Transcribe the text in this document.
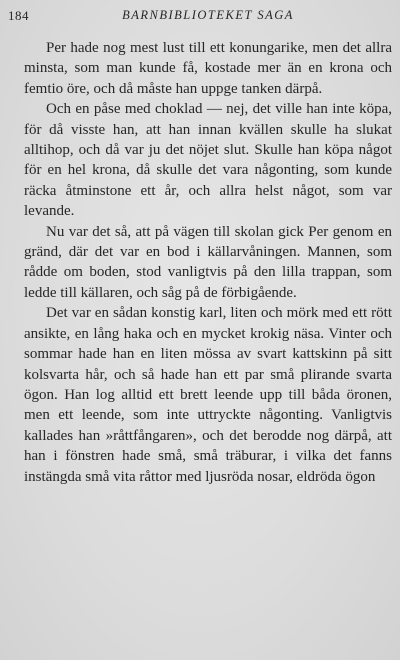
184	BARNBIBLIOTEKET SAGA

Per hade nog mest lust till ett konungarike, men det allra minsta, som man kunde få, kostade mer än en krona och femtio öre, och då måste han uppge tanken därpå.

Och en påse med choklad — nej, det ville han inte köpa, för då visste han, att han innan kvällen skulle ha slukat alltihop, och då var ju det nöjet slut. Skulle han köpa något för en hel krona, då skulle det vara någonting, som kunde räcka åtminstone ett år, och allra helst något, som var levande.

Nu var det så, att på vägen till skolan gick Per genom en gränd, där det var en bod i källarvåningen. Mannen, som rådde om boden, stod vanligtvis på den lilla trappan, som ledde till källaren, och såg på de förbigående.

Det var en sådan konstig karl, liten och mörk med ett rött ansikte, en lång haka och en mycket krokig näsa. Vinter och sommar hade han en liten mössa av svart kattskinn på sitt kolsvarta hår, och så hade han ett par små plirande svarta ögon. Han log alltid ett brett leende upp till båda öronen, men ett leende, som inte uttryckte någonting. Vanligtvis kallades han »råttfångaren», och det berodde nog därpå, att han i fönstren hade små, små träburar, i vilka det fanns instängda små vita råttor med ljusröda nosar, eldröda ögon
